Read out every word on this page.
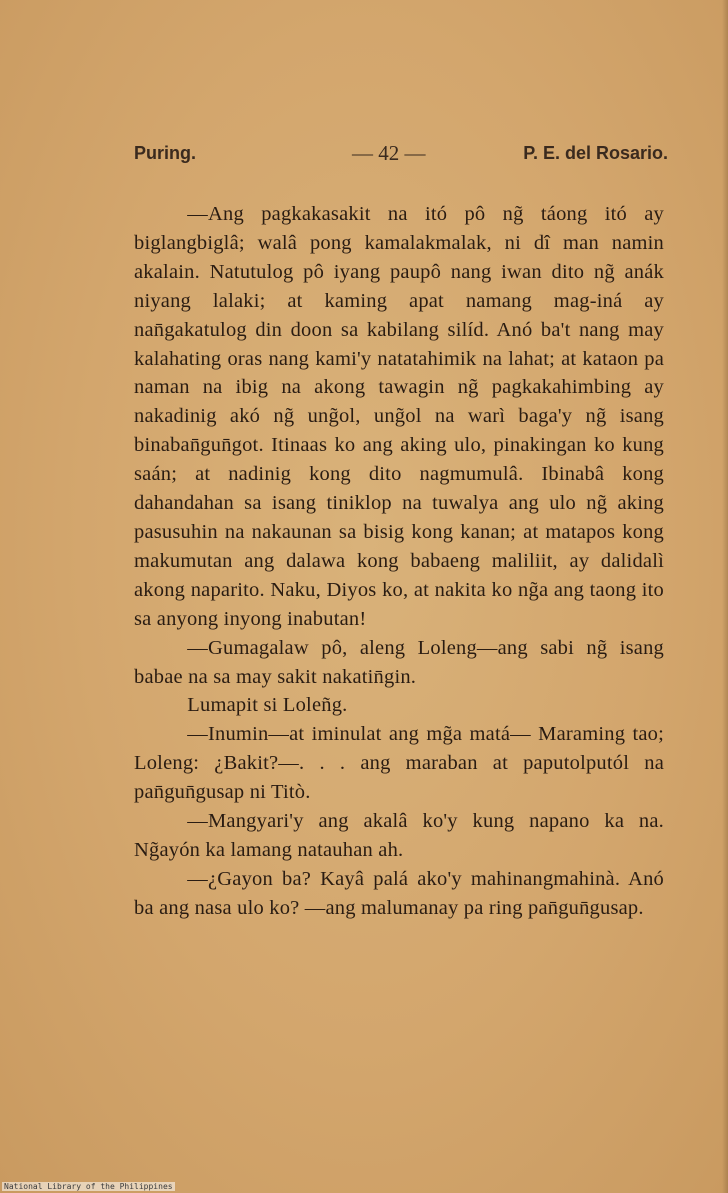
Puring.	— 42 —	P. E. del Rosario.

—Ang pagkakasakit na itó pô ng̃ táong itó ay biglangbiglâ; walâ pong kamalakmalak, ni dî man namin akalain. Natutulog pô iyang paupô nang iwan dito ng̃ anák niyang lalaki; at kaming apat namang mag-iná ay nan̄gakatulog din doon sa kabilang silíd. Anó ba't nang may kalahating oras nang kami'y natatahimik na lahat; at kataon pa naman na ibig na akong tawagin ng̃ pagkakahimbing ay nakadinig akó ng̃ ung̃ol, ung̃ol na warì baga'y ng̃ isang binaban̄gun̄got. Itinaas ko ang aking ulo, pinakingan ko kung saán; at nadinig kong dito nagmumulâ. Ibinabâ kong dahandahan sa isang tiniklop na tuwalya ang ulo ng̃ aking pasusuhin na nakaunan sa bisig kong kanan; at matapos kong makumutan ang dalawa kong babaeng maliliit, ay dalidalì akong naparito. Naku, Diyos ko, at nakita ko ng̃a ang taong ito sa anyong inyong inabutan!

—Gumagalaw pô, aleng Loleng—ang sabi ng̃ isang babae na sa may sakit nakatin̄gin.

Lumapit si Loleñg.

—Inumin—at iminulat ang mg̃a matá— Maraming tao; Loleng: ¿Bakit?—. . . ang maraban at paputolputól na pan̄gun̄gusap ni Titò.

—Mangyari'y ang akalâ ko'y kung napano ka na. Ng̃ayón ka lamang natauhan ah.

—¿Gayon ba? Kayâ palá ako'y mahinangmahinà. Anó ba ang nasa ulo ko? —ang malumanay pa ring pan̄gun̄gusap.

National Library of the Philippines
